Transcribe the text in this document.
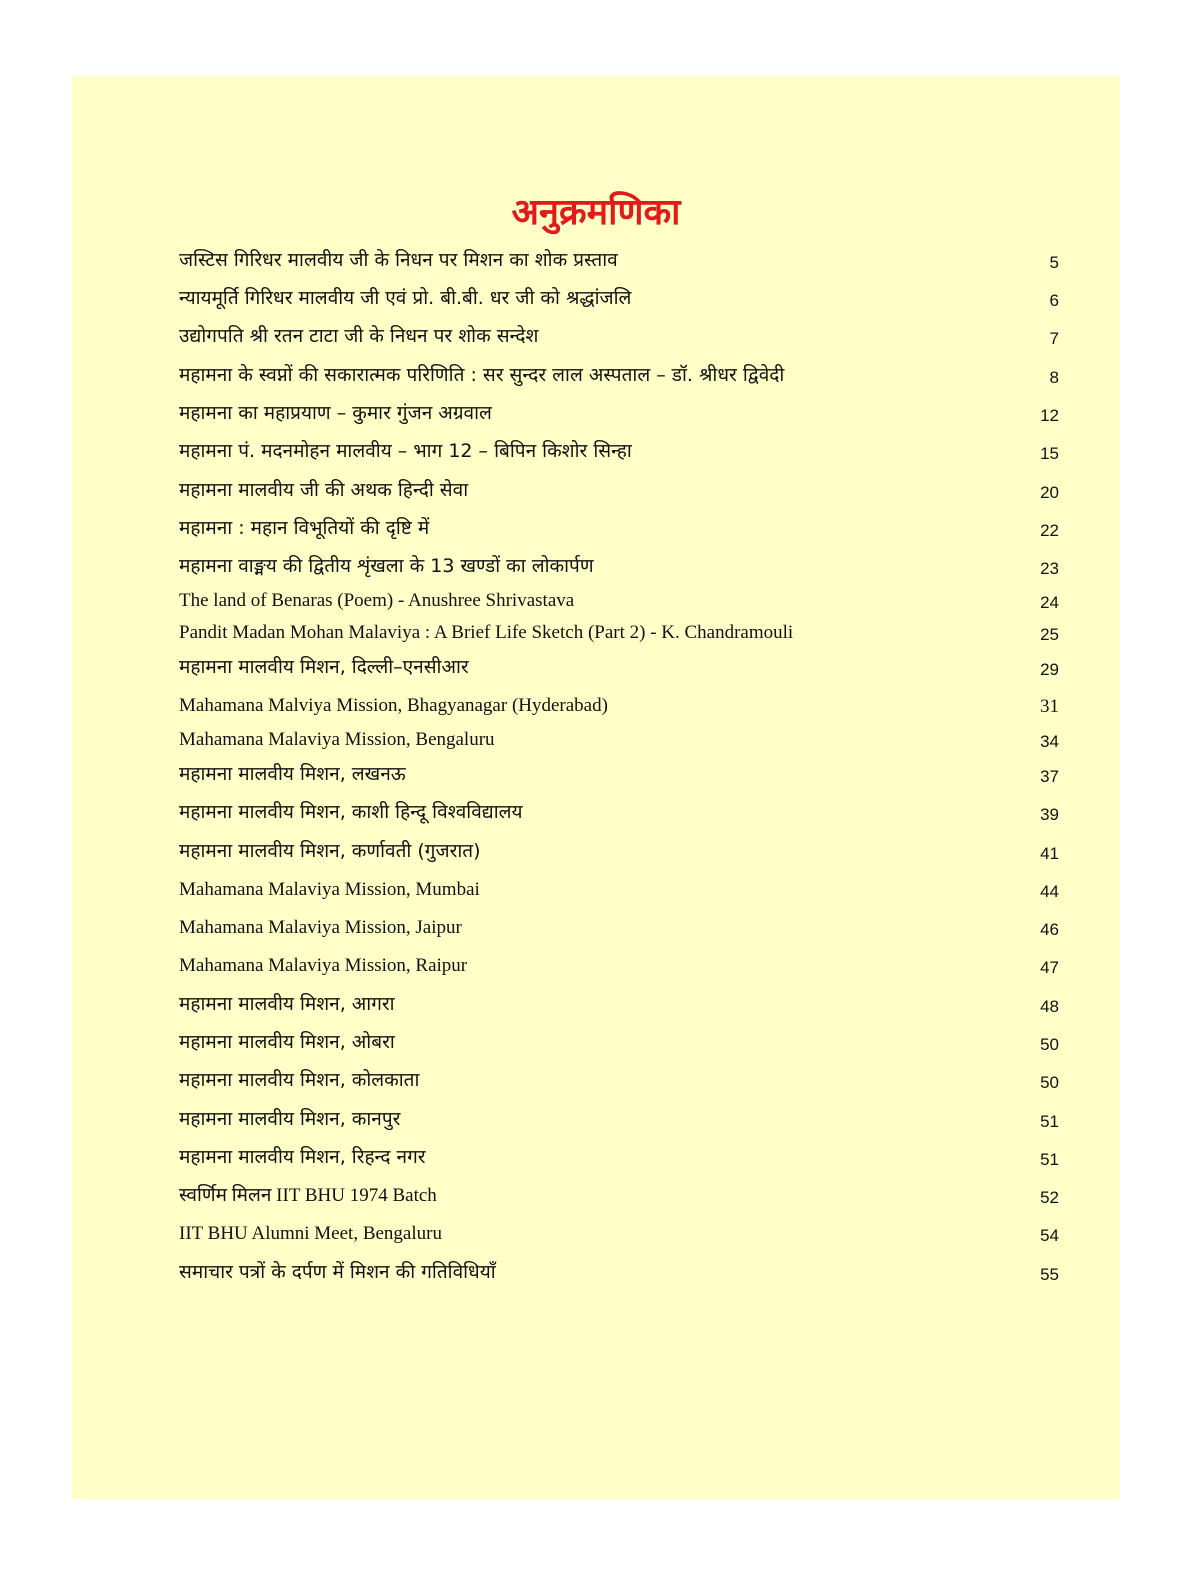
अनुक्रमणिका
जस्टिस गिरिधर मालवीय जी के निधन पर मिशन का शोक प्रस्ताव	5
न्यायमूर्ति गिरिधर मालवीय जी एवं प्रो. बी.बी. धर जी को श्रद्धांजलि	6
उद्योगपति श्री रतन टाटा जी के निधन पर शोक सन्देश	7
महामना के स्वप्नों की सकारात्मक परिणिति : सर सुन्दर लाल अस्पताल – डॉ. श्रीधर द्विवेदी	8
महामना का महाप्रयाण – कुमार गुंजन अग्रवाल	12
महामना पं. मदनमोहन मालवीय – भाग 12 – बिपिन किशोर सिन्हा	15
महामना मालवीय जी की अथक हिन्दी सेवा	20
महामना : महान विभूतियों की दृष्टि में	22
महामना वाङ्मय की द्वितीय शृंखला के 13 खण्डों का लोकार्पण	23
The land of Benaras (Poem) - Anushree Shrivastava	24
Pandit Madan Mohan Malaviya : A Brief Life Sketch (Part 2) - K. Chandramouli	25
महामना मालवीय मिशन, दिल्ली–एनसीआर	29
Mahamana Malviya Mission, Bhagyanagar (Hyderabad)	31
Mahamana Malaviya Mission, Bengaluru	34
महामना मालवीय मिशन, लखनऊ	37
महामना मालवीय मिशन, काशी हिन्दू विश्वविद्यालय	39
महामना मालवीय मिशन, कर्णावती (गुजरात)	41
Mahamana Malaviya Mission, Mumbai	44
Mahamana Malaviya Mission, Jaipur	46
Mahamana Malaviya Mission, Raipur	47
महामना मालवीय मिशन, आगरा	48
महामना मालवीय मिशन, ओबरा	50
महामना मालवीय मिशन, कोलकाता	50
महामना मालवीय मिशन, कानपुर	51
महामना मालवीय मिशन, रिहन्द नगर	51
स्वर्णिम मिलन IIT BHU 1974 Batch	52
IIT BHU Alumni Meet, Bengaluru	54
समाचार पत्रों के दर्पण में मिशन की गतिविधियाँ	55
